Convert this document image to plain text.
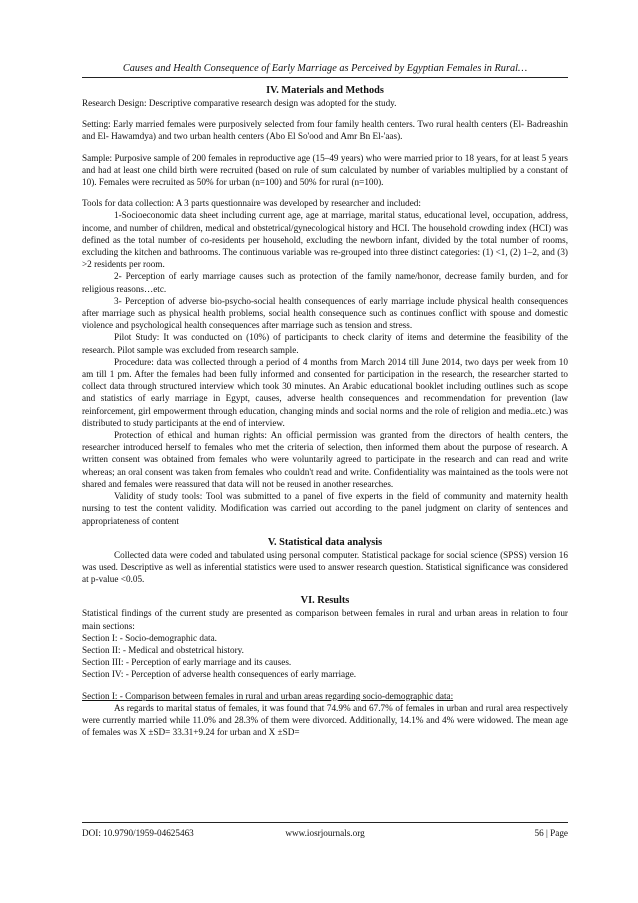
Causes and Health Consequence of Early Marriage as Perceived by Egyptian Females in Rural…
IV. Materials and Methods

Research Design: Descriptive comparative research design was adopted for the study.

Setting: Early married females were purposively selected from four family health centers. Two rural health centers (El- Badreashin and El- Hawamdya) and two urban health centers (Abo El So'ood and Amr Bn El-'aas).

Sample: Purposive sample of 200 females in reproductive age (15–49 years) who were married prior to 18 years, for at least 5 years and had at least one child birth were recruited (based on rule of sum calculated by number of variables multiplied by a constant of 10). Females were recruited as 50% for urban (n=100) and 50% for rural (n=100).

Tools for data collection: A 3 parts questionnaire was developed by researcher and included:

1-Socioeconomic data sheet including current age, age at marriage, marital status, educational level, occupation, address, income, and number of children, medical and obstetrical/gynecological history and HCI. The household crowding index (HCI) was defined as the total number of co-residents per household, excluding the newborn infant, divided by the total number of rooms, excluding the kitchen and bathrooms. The continuous variable was re-grouped into three distinct categories: (1) <1, (2) 1–2, and (3) >2 residents per room.

2- Perception of early marriage causes such as protection of the family name/honor, decrease family burden, and for religious reasons…etc.

3- Perception of adverse bio-psycho-social health consequences of early marriage include physical health consequences after marriage such as physical health problems, social health consequence such as continues conflict with spouse and domestic violence and psychological health consequences after marriage such as tension and stress.

Pilot Study: It was conducted on (10%) of participants to check clarity of items and determine the feasibility of the research. Pilot sample was excluded from research sample.

Procedure: data was collected through a period of 4 months from March 2014 till June 2014, two days per week from 10 am till 1 pm. After the females had been fully informed and consented for participation in the research, the researcher started to collect data through structured interview which took 30 minutes. An Arabic educational booklet including outlines such as scope and statistics of early marriage in Egypt, causes, adverse health consequences and recommendation for prevention (law reinforcement, girl empowerment through education, changing minds and social norms and the role of religion and media..etc.) was distributed to study participants at the end of interview.

Protection of ethical and human rights: An official permission was granted from the directors of health centers, the researcher introduced herself to females who met the criteria of selection, then informed them about the purpose of research. A written consent was obtained from females who were voluntarily agreed to participate in the research and can read and write whereas; an oral consent was taken from females who couldn't read and write. Confidentiality was maintained as the tools were not shared and females were reassured that data will not be reused in another researches.

Validity of study tools: Tool was submitted to a panel of five experts in the field of community and maternity health nursing to test the content validity. Modification was carried out according to the panel judgment on clarity of sentences and appropriateness of content

V. Statistical data analysis

Collected data were coded and tabulated using personal computer. Statistical package for social science (SPSS) version 16 was used. Descriptive as well as inferential statistics were used to answer research question. Statistical significance was considered at p-value <0.05.

VI. Results

Statistical findings of the current study are presented as comparison between females in rural and urban areas in relation to four main sections:

Section I: - Socio-demographic data.

Section II: - Medical and obstetrical history.

Section III: - Perception of early marriage and its causes.

Section IV: - Perception of adverse health consequences of early marriage.

Section I: - Comparison between females in rural and urban areas regarding socio-demographic data:

As regards to marital status of females, it was found that 74.9% and 67.7% of females in urban and rural area respectively were currently married while 11.0% and 28.3% of them were divorced. Additionally, 14.1% and 4% were widowed. The mean age of females was X ±SD= 33.31+9.24 for urban and X ±SD=

DOI: 10.9790/1959-04625463	www.iosrjournals.org	56 | Page
